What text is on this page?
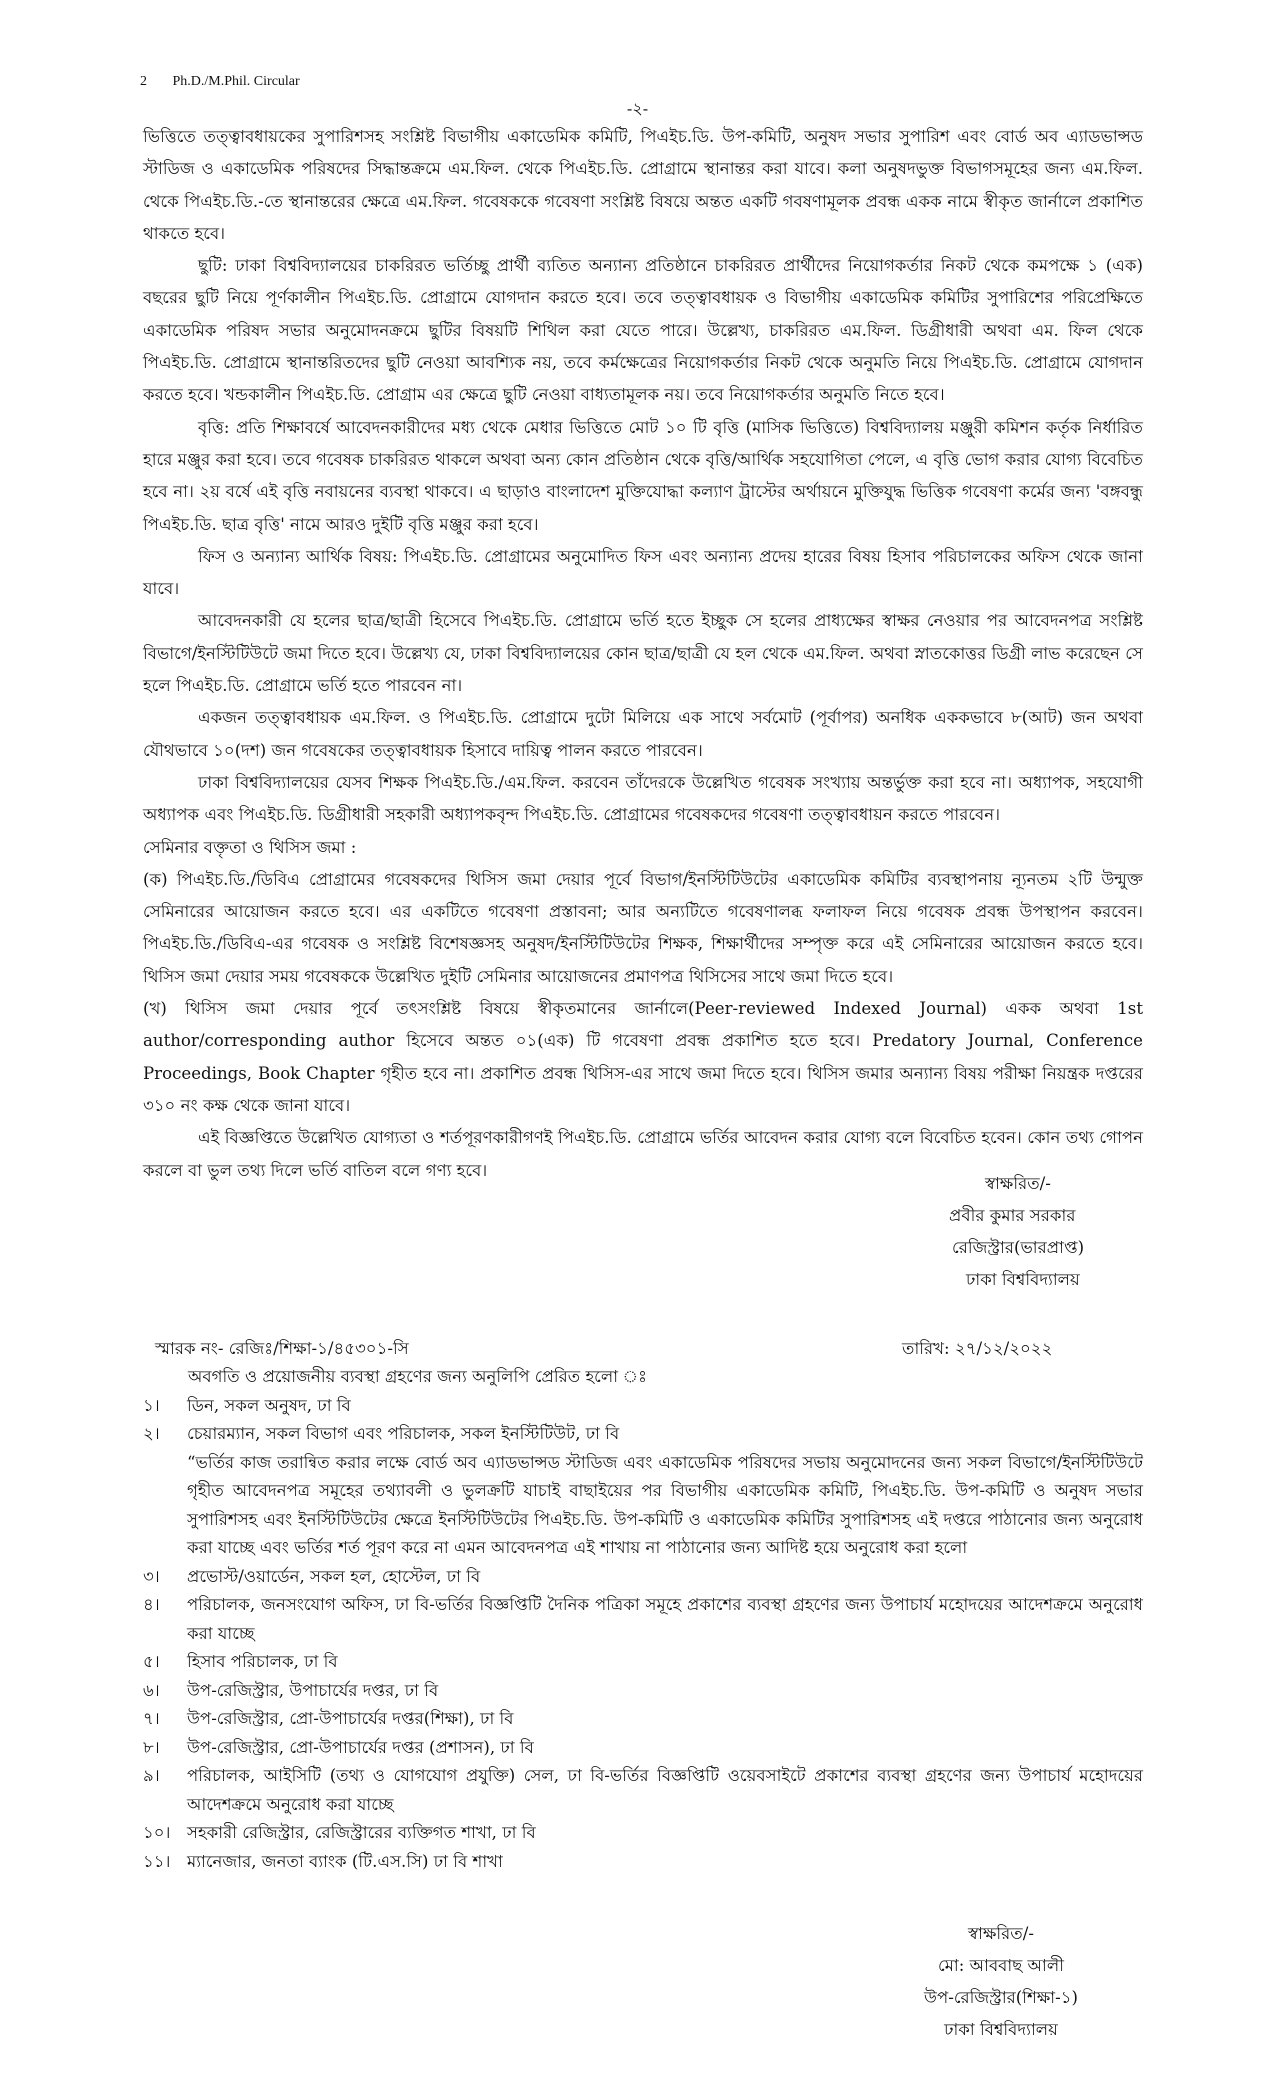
2 Ph.D./M.Phil. Circular
-২-

ভিত্তিতে তত্ত্বাবধায়কের সুপারিশসহ সংশ্লিষ্ট বিভাগীয় একাডেমিক কমিটি, পিএইচ.ডি. উপ-কমিটি, অনুষদ সভার সুপারিশ এবং বোর্ড অব এ্যাডভান্সড স্টাডিজ ও একাডেমিক পরিষদের সিদ্ধান্তক্রমে এম.ফিল. থেকে পিএইচ.ডি. প্রোগ্রামে স্থানান্তর করা যাবে। কলা অনুষদভুক্ত বিভাগসমূহের জন্য এম.ফিল. থেকে পিএইচ.ডি.-তে স্থানান্তরের ক্ষেত্রে এম.ফিল. গবেষককে গবেষণা সংশ্লিষ্ট বিষয়ে অন্তত একটি গবষণামূলক প্রবন্ধ একক নামে স্বীকৃত জার্নালে প্রকাশিত থাকতে হবে।

ছুটি: ঢাকা বিশ্ববিদ্যালয়ের চাকরিরত ভর্তিচ্ছু প্রার্থী ব্যতিত অন্যান্য প্রতিষ্ঠানে চাকরিরত প্রার্থীদের নিয়োগকর্তার নিকট থেকে কমপক্ষে ১ (এক) বছরের ছুটি নিয়ে পূর্ণকালীন পিএইচ.ডি. প্রোগ্রামে যোগদান করতে হবে। তবে তত্ত্বাবধায়ক ও বিভাগীয় একাডেমিক কমিটির সুপারিশের পরিপ্রেক্ষিতে একাডেমিক পরিষদ সভার অনুমোদনক্রমে ছুটির বিষয়টি শিথিল করা যেতে পারে। উল্লেখ্য, চাকরিরত এম.ফিল. ডিগ্রীধারী অথবা এম. ফিল থেকে পিএইচ.ডি. প্রোগ্রামে স্থানান্তরিতদের ছুটি নেওয়া আবশ্যিক নয়, তবে কর্মক্ষেত্রের নিয়োগকর্তার নিকট থেকে অনুমতি নিয়ে পিএইচ.ডি. প্রোগ্রামে যোগদান করতে হবে। খন্ডকালীন পিএইচ.ডি. প্রোগ্রাম এর ক্ষেত্রে ছুটি নেওয়া বাধ্যতামূলক নয়। তবে নিয়োগকর্তার অনুমতি নিতে হবে।

বৃত্তি: প্রতি শিক্ষাবর্ষে আবেদনকারীদের মধ্য থেকে মেধার ভিত্তিতে মোট ১০ টি বৃত্তি (মাসিক ভিত্তিতে) বিশ্ববিদ্যালয় মঞ্জুরী কমিশন কর্তৃক নির্ধারিত হারে মঞ্জুর করা হবে। তবে গবেষক চাকরিরত থাকলে অথবা অন্য কোন প্রতিষ্ঠান থেকে বৃত্তি/আর্থিক সহযোগিতা পেলে, এ বৃত্তি ভোগ করার যোগ্য বিবেচিত হবে না। ২য় বর্ষে এই বৃত্তি নবায়নের ব্যবস্থা থাকবে। এ ছাড়াও বাংলাদেশ মুক্তিযোদ্ধা কল্যাণ ট্রাস্টের অর্থায়নে মুক্তিযুদ্ধ ভিত্তিক গবেষণা কর্মের জন্য 'বঙ্গবন্ধু পিএইচ.ডি. ছাত্র বৃত্তি' নামে আরও দুইটি বৃত্তি মঞ্জুর করা হবে।

ফিস ও অন্যান্য আর্থিক বিষয়: পিএইচ.ডি. প্রোগ্রামের অনুমোদিত ফিস এবং অন্যান্য প্রদেয় হারের বিষয় হিসাব পরিচালকের অফিস থেকে জানা যাবে।

আবেদনকারী যে হলের ছাত্র/ছাত্রী হিসেবে পিএইচ.ডি. প্রোগ্রামে ভর্তি হতে ইচ্ছুক সে হলের প্রাধ্যক্ষের স্বাক্ষর নেওয়ার পর আবেদনপত্র সংশ্লিষ্ট বিভাগে/ইনস্টিটিউটে জমা দিতে হবে। উল্লেখ্য যে, ঢাকা বিশ্ববিদ্যালয়ের কোন ছাত্র/ছাত্রী যে হল থেকে এম.ফিল. অথবা স্নাতকোত্তর ডিগ্রী লাভ করেছেন সে হলে পিএইচ.ডি. প্রোগ্রামে ভর্তি হতে পারবেন না।

একজন তত্ত্বাবধায়ক এম.ফিল. ও পিএইচ.ডি. প্রোগ্রামে দুটো মিলিয়ে এক সাথে সর্বমোট (পূর্বাপর) অনধিক এককভাবে ৮(আট) জন অথবা যৌথভাবে ১০(দশ) জন গবেষকের তত্ত্বাবধায়ক হিসাবে দায়িত্ব পালন করতে পারবেন।

ঢাকা বিশ্ববিদ্যালয়ের যেসব শিক্ষক পিএইচ.ডি./এম.ফিল. করবেন তাঁদেরকে উল্লেখিত গবেষক সংখ্যায় অন্তর্ভুক্ত করা হবে না। অধ্যাপক, সহযোগী অধ্যাপক এবং পিএইচ.ডি. ডিগ্রীধারী সহকারী অধ্যাপকবৃন্দ পিএইচ.ডি. প্রোগ্রামের গবেষকদের গবেষণা তত্ত্বাবধায়ন করতে পারবেন।

সেমিনার বক্তৃতা ও থিসিস জমা :

(ক) পিএইচ.ডি./ডিবিএ প্রোগ্রামের গবেষকদের থিসিস জমা দেয়ার পূর্বে বিভাগ/ইনস্টিটিউটের একাডেমিক কমিটির ব্যবস্থাপনায় ন্যূনতম ২টি উন্মুক্ত সেমিনারের আয়োজন করতে হবে। এর একটিতে গবেষণা প্রস্তাবনা; আর অন্যটিতে গবেষণালব্ধ ফলাফল নিয়ে গবেষক প্রবন্ধ উপস্থাপন করবেন। পিএইচ.ডি./ডিবিএ-এর গবেষক ও সংশ্লিষ্ট বিশেষজ্ঞসহ অনুষদ/ইনস্টিটিউটের শিক্ষক, শিক্ষার্থীদের সম্পৃক্ত করে এই সেমিনারের আয়োজন করতে হবে। থিসিস জমা দেয়ার সময় গবেষককে উল্লেখিত দুইটি সেমিনার আয়োজনের প্রমাণপত্র থিসিসের সাথে জমা দিতে হবে।

(খ) থিসিস জমা দেয়ার পূর্বে তৎসংশ্লিষ্ট বিষয়ে স্বীকৃতমানের জার্নালে(Peer-reviewed Indexed Journal) একক অথবা 1st author/corresponding author হিসেবে অন্তত ০১(এক) টি গবেষণা প্রবন্ধ প্রকাশিত হতে হবে। Predatory Journal, Conference Proceedings, Book Chapter গৃহীত হবে না। প্রকাশিত প্রবন্ধ থিসিস-এর সাথে জমা দিতে হবে। থিসিস জমার অন্যান্য বিষয় পরীক্ষা নিয়ন্ত্রক দপ্তরের ৩১০ নং কক্ষ থেকে জানা যাবে।

এই বিজ্ঞপ্তিতে উল্লেখিত যোগ্যতা ও শর্তপূরণকারীগণই পিএইচ.ডি. প্রোগ্রামে ভর্তির আবেদন করার যোগ্য বলে বিবেচিত হবেন। কোন তথ্য গোপন করলে বা ভুল তথ্য দিলে ভর্তি বাতিল বলে গণ্য হবে।

স্বাক্ষরিত/-
প্রবীর কুমার সরকার
রেজিস্ট্রার(ভারপ্রাপ্ত)
ঢাকা বিশ্ববিদ্যালয়
স্মারক নং- রেজিঃ/শিক্ষা-১/৪৫৩০১-সি	তারিখ: ২৭/১২/২০২২
অবগতি ও প্রয়োজনীয় ব্যবস্থা গ্রহণের জন্য অনুলিপি প্রেরিত হলো ঃ
১।	ডিন, সকল অনুষদ, ঢা বি
২।	চেয়ারম্যান, সকল বিভাগ এবং পরিচালক, সকল ইনস্টিটিউট, ঢা বি
“ভর্তির কাজ তরান্বিত করার লক্ষে বোর্ড অব এ্যাডভান্সড স্টাডিজ এবং একাডেমিক পরিষদের সভায় অনুমোদনের জন্য সকল বিভাগে/ইনস্টিটিউটে গৃহীত আবেদনপত্র সমূহের তথ্যাবলী ও ভুলক্রটি যাচাই বাছাইয়ের পর বিভাগীয় একাডেমিক কমিটি, পিএইচ.ডি. উপ-কমিটি ও অনুষদ সভার সুপারিশসহ এবং ইনস্টিটিউটের ক্ষেত্রে ইনস্টিটিউটের পিএইচ.ডি. উপ-কমিটি ও একাডেমিক কমিটির সুপারিশসহ এই দপ্তরে পাঠানোর জন্য অনুরোধ করা যাচ্ছে এবং ভর্তির শর্ত পূরণ করে না এমন আবেদনপত্র এই শাখায় না পাঠানোর জন্য আদিষ্ট হয়ে অনুরোধ করা হলো
৩।	প্রভোস্ট/ওয়ার্ডেন, সকল হল, হোস্টেল, ঢা বি
৪।	পরিচালক, জনসংযোগ অফিস, ঢা বি-ভর্তির বিজ্ঞপ্তিটি দৈনিক পত্রিকা সমূহে প্রকাশের ব্যবস্থা গ্রহণের জন্য উপাচার্য মহোদয়ের আদেশক্রমে অনুরোধ করা যাচ্ছে
৫।	হিসাব পরিচালক, ঢা বি
৬।	উপ-রেজিস্ট্রার, উপাচার্যের দপ্তর, ঢা বি
৭।	উপ-রেজিস্ট্রার, প্রো-উপাচার্যের দপ্তর(শিক্ষা), ঢা বি
৮।	উপ-রেজিস্ট্রার, প্রো-উপাচার্যের দপ্তর (প্রশাসন), ঢা বি
৯।	পরিচালক, আইসিটি (তথ্য ও যোগযোগ প্রযুক্তি) সেল, ঢা বি-ভর্তির বিজ্ঞপ্তিটি ওয়েবসাইটে প্রকাশের ব্যবস্থা গ্রহণের জন্য উপাচার্য মহোদয়ের আদেশক্রমে অনুরোধ করা যাচ্ছে
১০। সহকারী রেজিস্ট্রার, রেজিস্ট্রারের ব্যক্তিগত শাখা, ঢা বি
১১। ম্যানেজার, জনতা ব্যাংক (টি.এস.সি) ঢা বি শাখা
স্বাক্ষরিত/-
মো: আববাছ আলী
উপ-রেজিস্ট্রার(শিক্ষা-১)
ঢাকা বিশ্ববিদ্যালয়
